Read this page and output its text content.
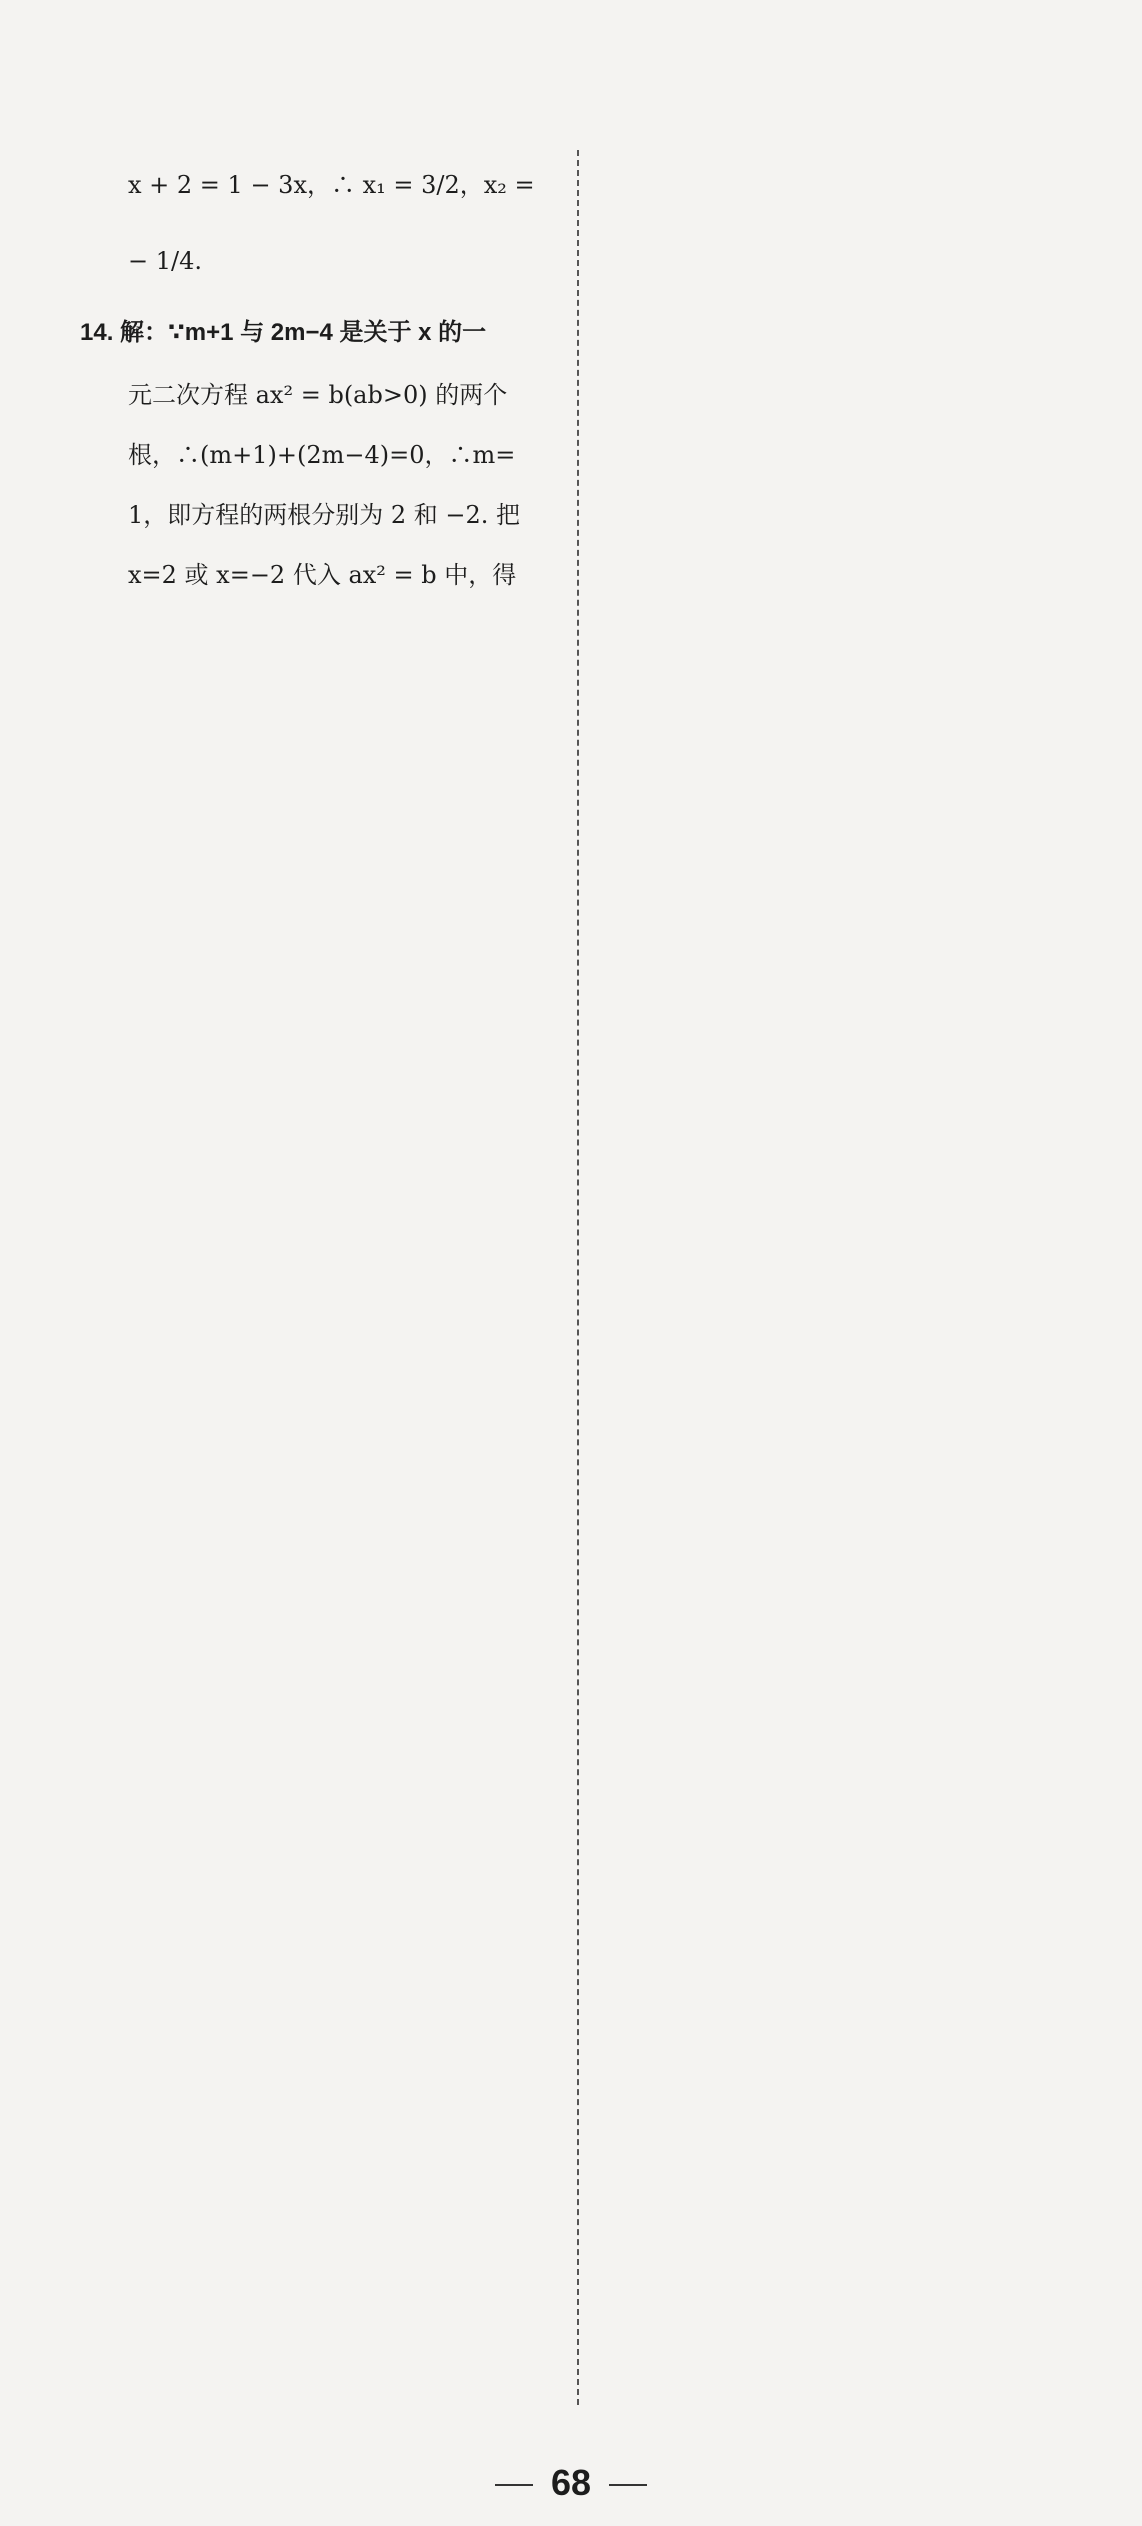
x + 2 = 1 − 3x，∴ x₁ = 3/2，x₂ =
− 1/4.
14. 解：∵m+1 与 2m−4 是关于 x 的一
元二次方程 ax² = b(ab>0) 的两个
根，∴(m+1)+(2m−4)=0，∴m=
1，即方程的两根分别为 2 和 −2. 把
x=2 或 x=−2 代入 ax² = b 中，得
68
